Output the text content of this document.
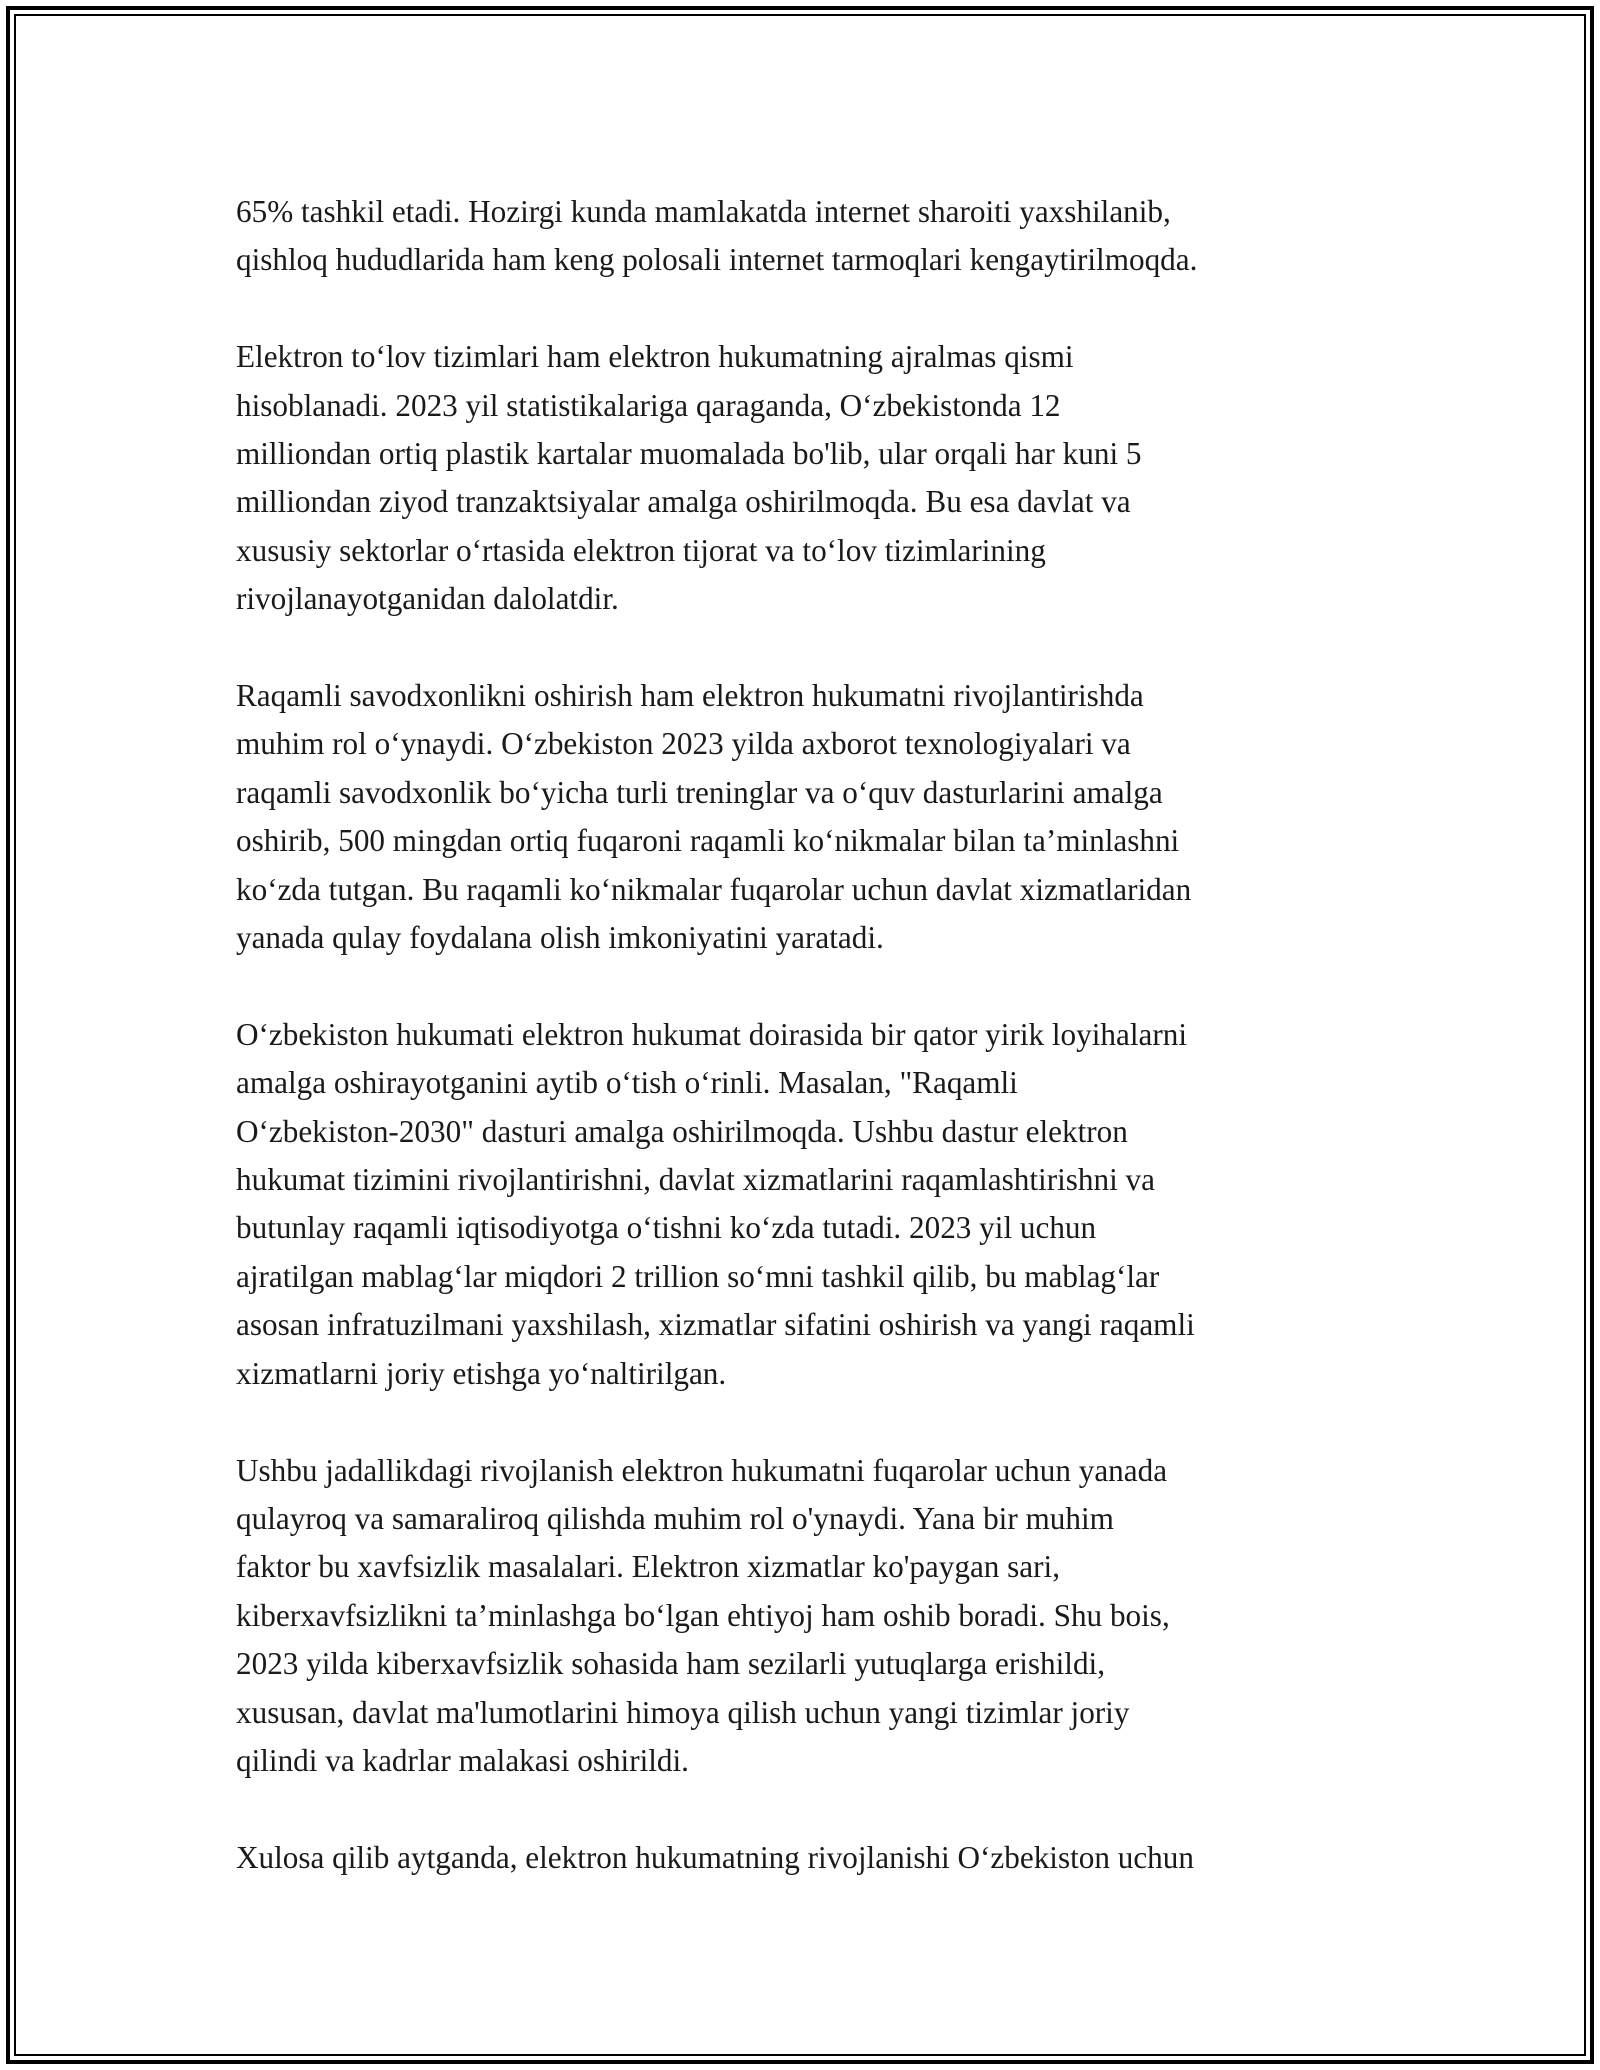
65% tashkil etadi. Hozirgi kunda mamlakatda internet sharoiti yaxshilanib,
qishloq hududlarida ham keng polosali internet tarmoqlari kengaytirilmoqda.

Elektron to‘lov tizimlari ham elektron hukumatning ajralmas qismi
hisoblanadi. 2023 yil statistikalariga qaraganda, O‘zbekistonda 12
milliondan ortiq plastik kartalar muomalada bo'lib, ular orqali har kuni 5
milliondan ziyod tranzaktsiyalar amalga oshirilmoqda. Bu esa davlat va
xususiy sektorlar o‘rtasida elektron tijorat va to‘lov tizimlarining
rivojlanayotganidan dalolatdir.

Raqamli savodxonlikni oshirish ham elektron hukumatni rivojlantirishda
muhim rol o‘ynaydi. O‘zbekiston 2023 yilda axborot texnologiyalari va
raqamli savodxonlik bo‘yicha turli treninglar va o‘quv dasturlarini amalga
oshirib, 500 mingdan ortiq fuqaroni raqamli ko‘nikmalar bilan ta’minlashni
ko‘zda tutgan. Bu raqamli ko‘nikmalar fuqarolar uchun davlat xizmatlaridan
yanada qulay foydalana olish imkoniyatini yaratadi.

O‘zbekiston hukumati elektron hukumat doirasida bir qator yirik loyihalarni
amalga oshirayotganini aytib o‘tish o‘rinli. Masalan, "Raqamli
O‘zbekiston-2030" dasturi amalga oshirilmoqda. Ushbu dastur elektron
hukumat tizimini rivojlantirishni, davlat xizmatlarini raqamlashtirishni va
butunlay raqamli iqtisodiyotga o‘tishni ko‘zda tutadi. 2023 yil uchun
ajratilgan mablag‘lar miqdori 2 trillion so‘mni tashkil qilib, bu mablag‘lar
asosan infratuzilmani yaxshilash, xizmatlar sifatini oshirish va yangi raqamli
xizmatlarni joriy etishga yo‘naltirilgan.

Ushbu jadallikdagi rivojlanish elektron hukumatni fuqarolar uchun yanada
qulayroq va samaraliroq qilishda muhim rol o'ynaydi. Yana bir muhim
faktor bu xavfsizlik masalalari. Elektron xizmatlar ko'paygan sari,
kiberxavfsizlikni ta’minlashga bo‘lgan ehtiyoj ham oshib boradi. Shu bois,
2023 yilda kiberxavfsizlik sohasida ham sezilarli yutuqlarga erishildi,
xususan, davlat ma'lumotlarini himoya qilish uchun yangi tizimlar joriy
qilindi va kadrlar malakasi oshirildi.

Xulosa qilib aytganda, elektron hukumatning rivojlanishi O‘zbekiston uchun
